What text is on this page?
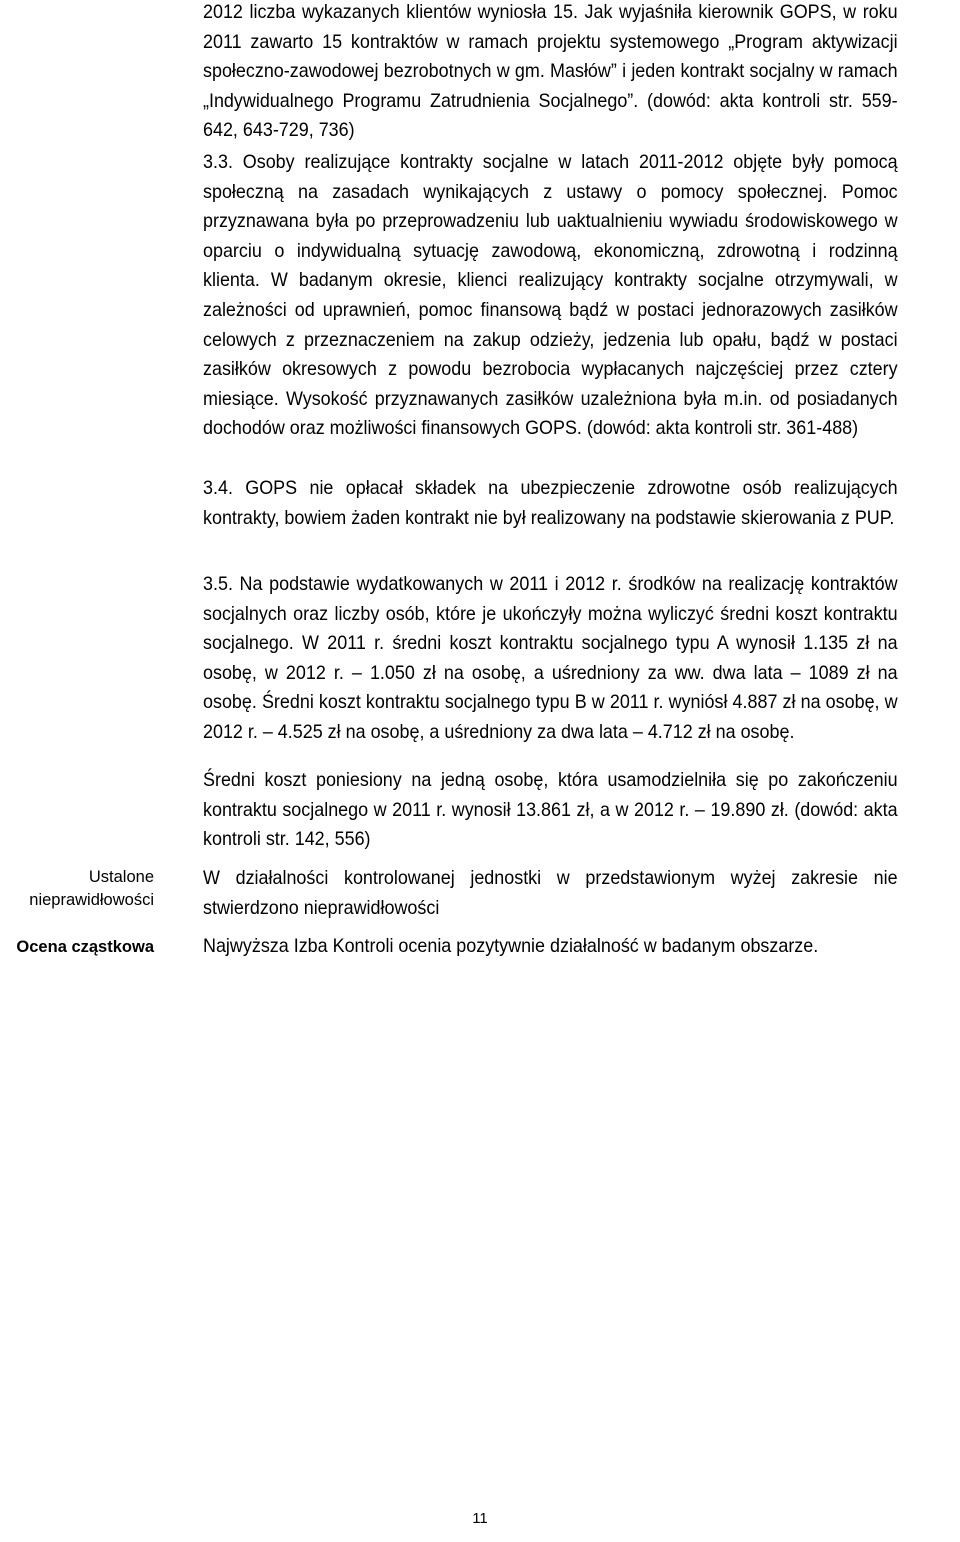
2012 liczba wykazanych klientów wyniosła 15. Jak wyjaśniła kierownik GOPS, w roku 2011 zawarto 15 kontraktów w ramach projektu systemowego „Program aktywizacji społeczno-zawodowej bezrobotnych w gm. Masłów” i jeden kontrakt socjalny w ramach „Indywidualnego Programu Zatrudnienia Socjalnego”. (dowód: akta kontroli str. 559-642, 643-729, 736)

3.3. Osoby realizujące kontrakty socjalne w latach 2011-2012 objęte były pomocą społeczną na zasadach wynikających z ustawy o pomocy społecznej. Pomoc przyznawana była po przeprowadzeniu lub uaktualnieniu wywiadu środowiskowego w oparciu o indywidualną sytuację zawodową, ekonomiczną, zdrowotną i rodzinną klienta. W badanym okresie, klienci realizujący kontrakty socjalne otrzymywali, w zależności od uprawnień, pomoc finansową bądź w postaci jednorazowych zasiłków celowych z przeznaczeniem na zakup odzieży, jedzenia lub opału, bądź w postaci zasiłków okresowych z powodu bezrobocia wypłacanych najczęściej przez cztery miesiące. Wysokość przyznawanych zasiłków uzależniona była m.in. od posiadanych dochodów oraz możliwości finansowych GOPS. (dowód: akta kontroli str. 361-488)

3.4. GOPS nie opłacał składek na ubezpieczenie zdrowotne osób realizujących kontrakty, bowiem żaden kontrakt nie był realizowany na podstawie skierowania z PUP.

3.5. Na podstawie wydatkowanych w 2011 i 2012 r. środków na realizację kontraktów socjalnych oraz liczby osób, które je ukończyły można wyliczyć średni koszt kontraktu socjalnego. W 2011 r. średni koszt kontraktu socjalnego typu A wynosił 1.135 zł na osobę, w 2012 r. – 1.050 zł na osobę, a uśredniony za ww. dwa lata – 1089 zł na osobę. Średni koszt kontraktu socjalnego typu B w 2011 r. wyniósł 4.887 zł na osobę, w 2012 r. – 4.525 zł na osobę, a uśredniony za dwa lata – 4.712 zł na osobę.

Średni koszt poniesiony na jedną osobę, która usamodzielniła się po zakończeniu kontraktu socjalnego w 2011 r. wynosił 13.861 zł, a w 2012 r. – 19.890 zł. (dowód: akta kontroli str. 142, 556)

Ustalone
nieprawidłowości

W działalności kontrolowanej jednostki w przedstawionym wyżej zakresie nie stwierdzono nieprawidłowości

Ocena cząstkowa	Najwyższa Izba Kontroli ocenia pozytywnie działalność w badanym obszarze.

11
